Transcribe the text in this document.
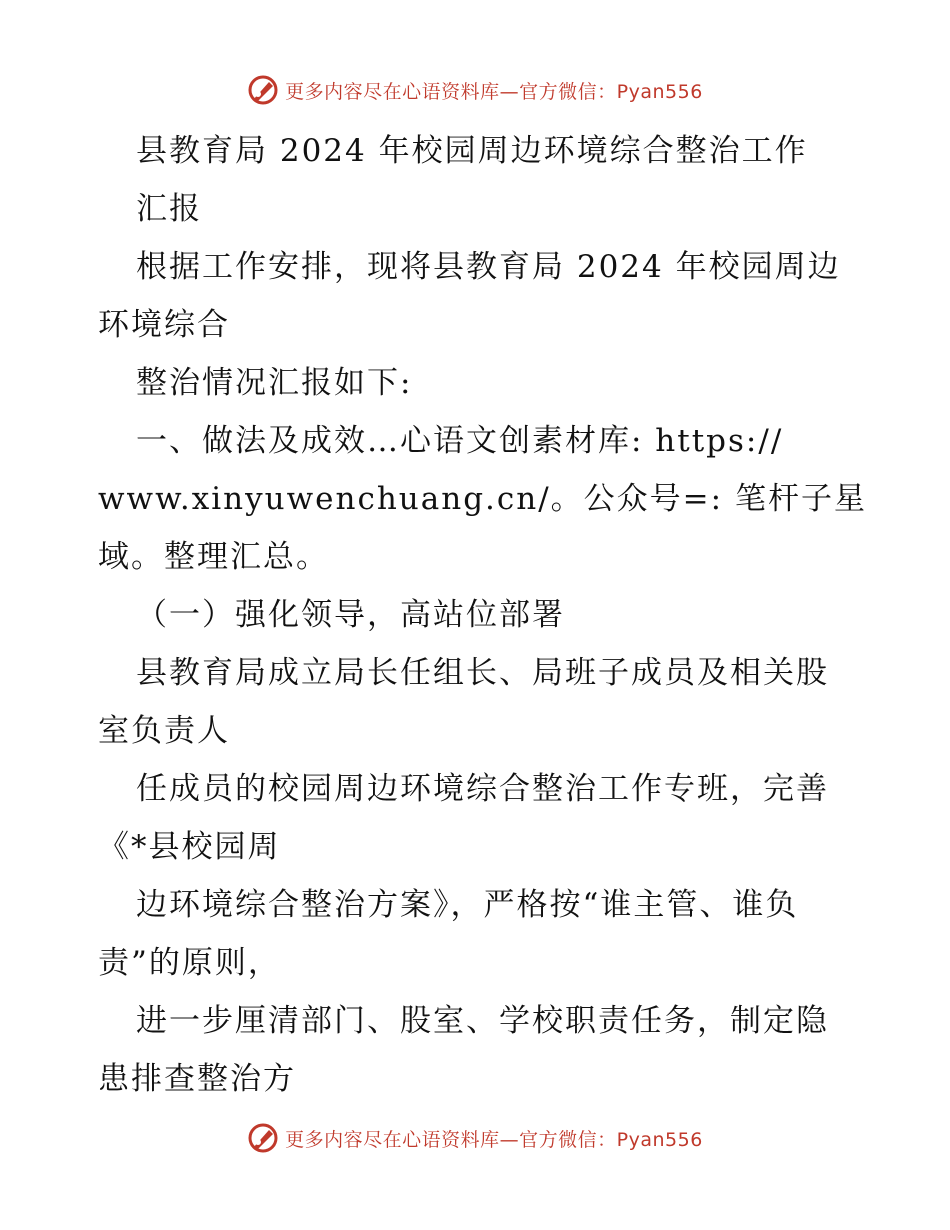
更多内容尽在心语资料库—官方微信：Pyan556
县教育局 2024 年校园周边环境综合整治工作
汇报
根据工作安排，现将县教育局 2024 年校园周边
环境综合
整治情况汇报如下:
一、做法及成效…心语文创素材库: https://
www.xinyuwenchuang.cn/。公众号=: 笔杆子星
域。整理汇总。
（一）强化领导，高站位部署
县教育局成立局长任组长、局班子成员及相关股
室负责人
任成员的校园周边环境综合整治工作专班，完善
《*县校园周
边环境综合整治方案》，严格按“谁主管、谁负
责”的原则，
进一步厘清部门、股室、学校职责任务，制定隐
患排查整治方
更多内容尽在心语资料库—官方微信：Pyan556
